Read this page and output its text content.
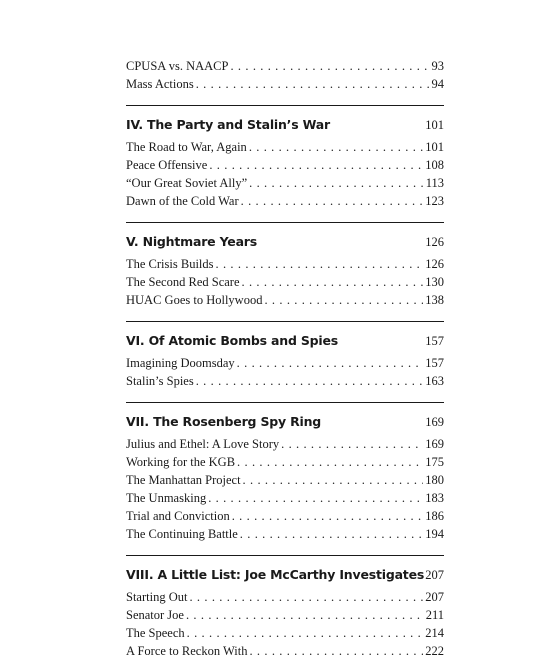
CPUSA vs. NAACP . . .	93
Mass Actions . . .	94
IV. The Party and Stalin’s War	101
The Road to War, Again . . .	101
Peace Offensive . . .	108
“Our Great Soviet Ally” . . .	113
Dawn of the Cold War . . .	123
V. Nightmare Years	126
The Crisis Builds . . .	126
The Second Red Scare . . .	130
HUAC Goes to Hollywood . . .	138
VI. Of Atomic Bombs and Spies	157
Imagining Doomsday . . .	157
Stalin’s Spies . . .	163
VII. The Rosenberg Spy Ring	169
Julius and Ethel: A Love Story . . .	169
Working for the KGB . . .	175
The Manhattan Project . . .	180
The Unmasking . . .	183
Trial and Conviction . . .	186
The Continuing Battle . . .	194
VIII. A Little List: Joe McCarthy Investigates 207
Starting Out . . .	207
Senator Joe . . .	211
The Speech . . .	214
A Force to Reckon With . . .	222
